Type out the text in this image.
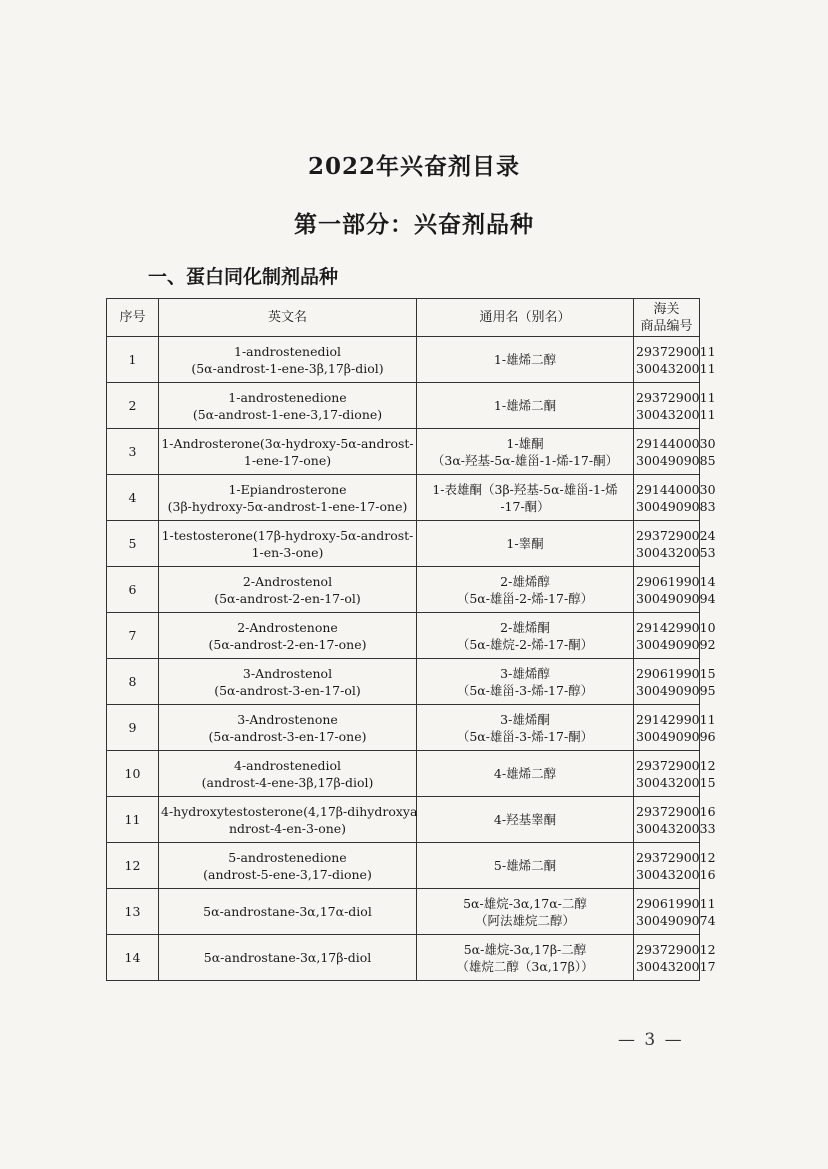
2022年兴奋剂目录
第一部分：兴奋剂品种
一、蛋白同化制剂品种
序号	英文名	通用名（别名）	海关
商品编号

1	1-androstenediol
(5α-androst-1-ene-3β,17β-diol)	1-雄烯二醇	2937290011
3004320011

2	1-androstenedione
(5α-androst-1-ene-3,17-dione)	1-雄烯二酮	2937290011
3004320011

3	1-Androsterone(3α-hydroxy-5α-androst-
1-ene-17-one)	1-雄酮
（3α-羟基-5α-雄甾-1-烯-17-酮）	2914400030
3004909085

4	1-Epiandrosterone
(3β-hydroxy-5α-androst-1-ene-17-one)	1-表雄酮（3β-羟基-5α-雄甾-1-烯
-17-酮）	2914400030
3004909083

5	1-testosterone(17β-hydroxy-5α-androst-
1-en-3-one)	1-睾酮	2937290024
3004320053

6	2-Androstenol
(5α-androst-2-en-17-ol)	2-雄烯醇
（5α-雄甾-2-烯-17-醇）	2906199014
3004909094

7	2-Androstenone
(5α-androst-2-en-17-one)	2-雄烯酮
（5α-雄烷-2-烯-17-酮）	2914299010
3004909092

8	3-Androstenol
(5α-androst-3-en-17-ol)	3-雄烯醇
（5α-雄甾-3-烯-17-醇）	2906199015
3004909095

9	3-Androstenone
(5α-androst-3-en-17-one)	3-雄烯酮
（5α-雄甾-3-烯-17-酮）	2914299011
3004909096

10	4-androstenediol
(androst-4-ene-3β,17β-diol)	4-雄烯二醇	2937290012
3004320015

11	4-hydroxytestosterone(4,17β-dihydroxya
ndrost-4-en-3-one)	4-羟基睾酮	2937290016
3004320033

12	5-androstenedione
(androst-5-ene-3,17-dione)	5-雄烯二酮	2937290012
3004320016

13	5α-androstane-3α,17α-diol	5α-雄烷-3α,17α-二醇
（阿法雄烷二醇）	2906199011
3004909074

14	5α-androstane-3α,17β-diol	5α-雄烷-3α,17β-二醇
（雄烷二醇（3α,17β））	2937290012
3004320017
— 3 —
